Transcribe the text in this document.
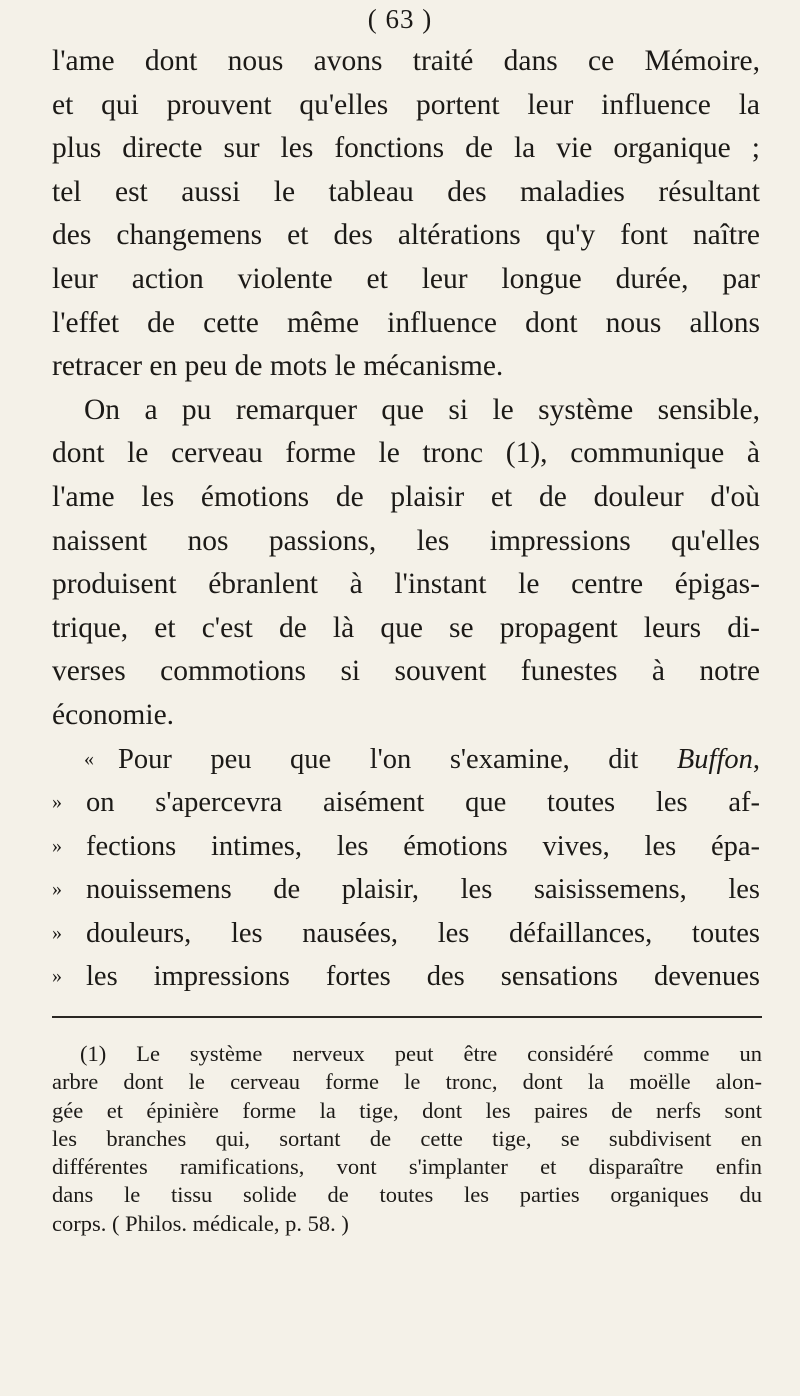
( 63 )
l'ame dont nous avons traité dans ce Mémoire,
et qui prouvent qu'elles portent leur influence la
plus directe sur les fonctions de la vie organique ;
tel est aussi le tableau des maladies résultant
des changemens et des altérations qu'y font naître
leur action violente et leur longue durée, par
l'effet de cette même influence dont nous allons
retracer en peu de mots le mécanisme.
On a pu remarquer que si le système sensible,
dont le cerveau forme le tronc (1), communique à
l'ame les émotions de plaisir et de douleur d'où
naissent nos passions, les impressions qu'elles
produisent ébranlent à l'instant le centre épigas-
trique, et c'est de là que se propagent leurs di-
verses commotions si souvent funestes à notre
économie.
« Pour peu que l'on s'examine, dit Buffon,
» on s'apercevra aisément que toutes les af-
» fections intimes, les émotions vives, les épa-
» nouissemens de plaisir, les saisissemens, les
» douleurs, les nausées, les défaillances, toutes
» les impressions fortes des sensations devenues
(1) Le système nerveux peut être considéré comme un
arbre dont le cerveau forme le tronc, dont la moëlle alon-
gée et épinière forme la tige, dont les paires de nerfs sont
les branches qui, sortant de cette tige, se subdivisent en
différentes ramifications, vont s'implanter et disparaître enfin
dans le tissu solide de toutes les parties organiques du
corps. ( Philos. médicale, p. 58. )
